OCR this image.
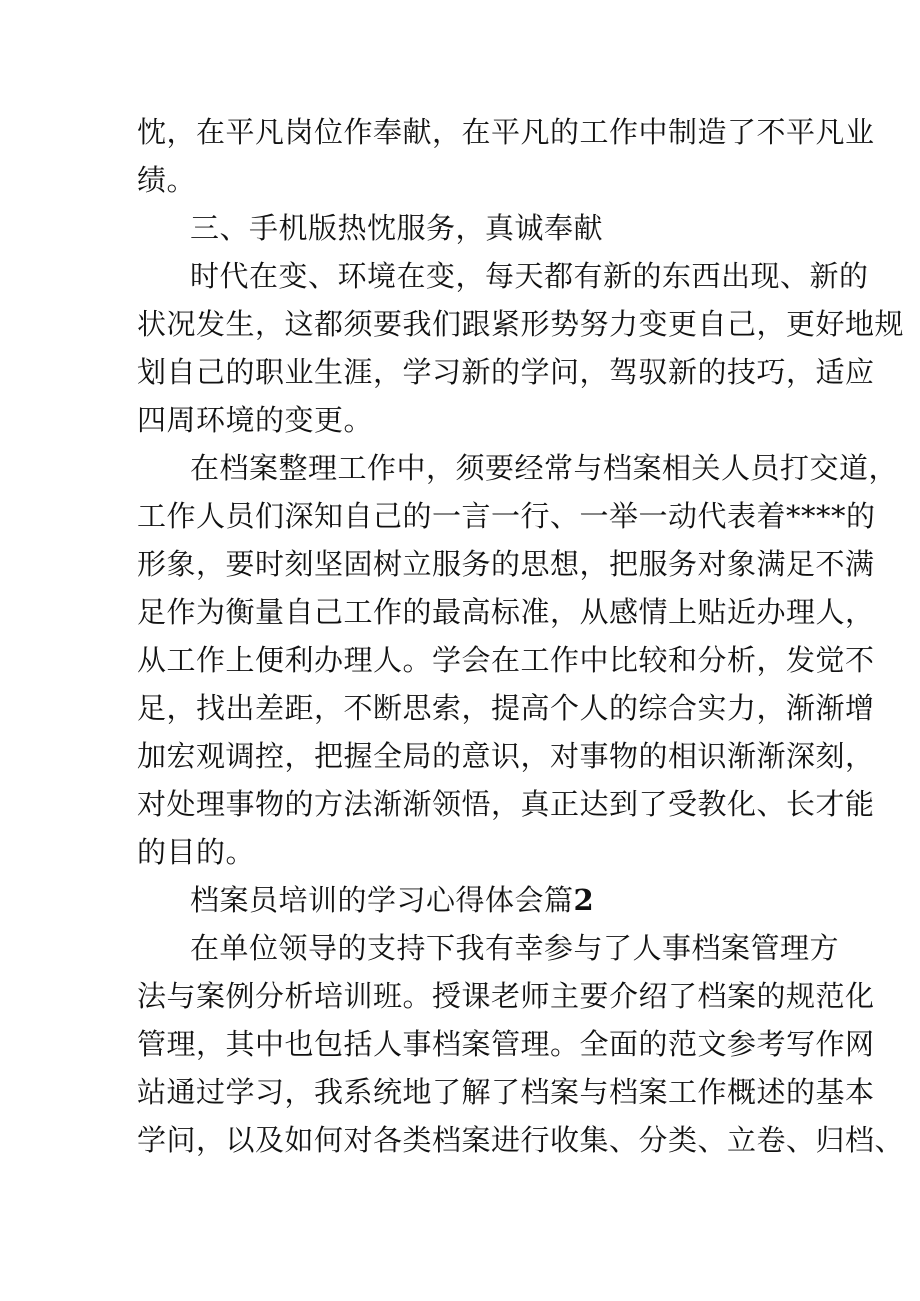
忱，在平凡岗位作奉献，在平凡的工作中制造了不平凡业
绩。
三、手机版热忱服务，真诚奉献
时代在变、环境在变，每天都有新的东西出现、新的
状况发生，这都须要我们跟紧形势努力变更自己，更好地规
划自己的职业生涯，学习新的学问，驾驭新的技巧，适应
四周环境的变更。
在档案整理工作中，须要经常与档案相关人员打交道，
工作人员们深知自己的一言一行、一举一动代表着****的
形象，要时刻坚固树立服务的思想，把服务对象满足不满
足作为衡量自己工作的最高标准，从感情上贴近办理人，
从工作上便利办理人。学会在工作中比较和分析，发觉不
足，找出差距，不断思索，提高个人的综合实力，渐渐增
加宏观调控，把握全局的意识，对事物的相识渐渐深刻，
对处理事物的方法渐渐领悟，真正达到了受教化、长才能
的目的。
档案员培训的学习心得体会篇2
在单位领导的支持下我有幸参与了人事档案管理方
法与案例分析培训班。授课老师主要介绍了档案的规范化
管理，其中也包括人事档案管理。全面的范文参考写作网
站通过学习，我系统地了解了档案与档案工作概述的基本
学问，以及如何对各类档案进行收集、分类、立卷、归档、
